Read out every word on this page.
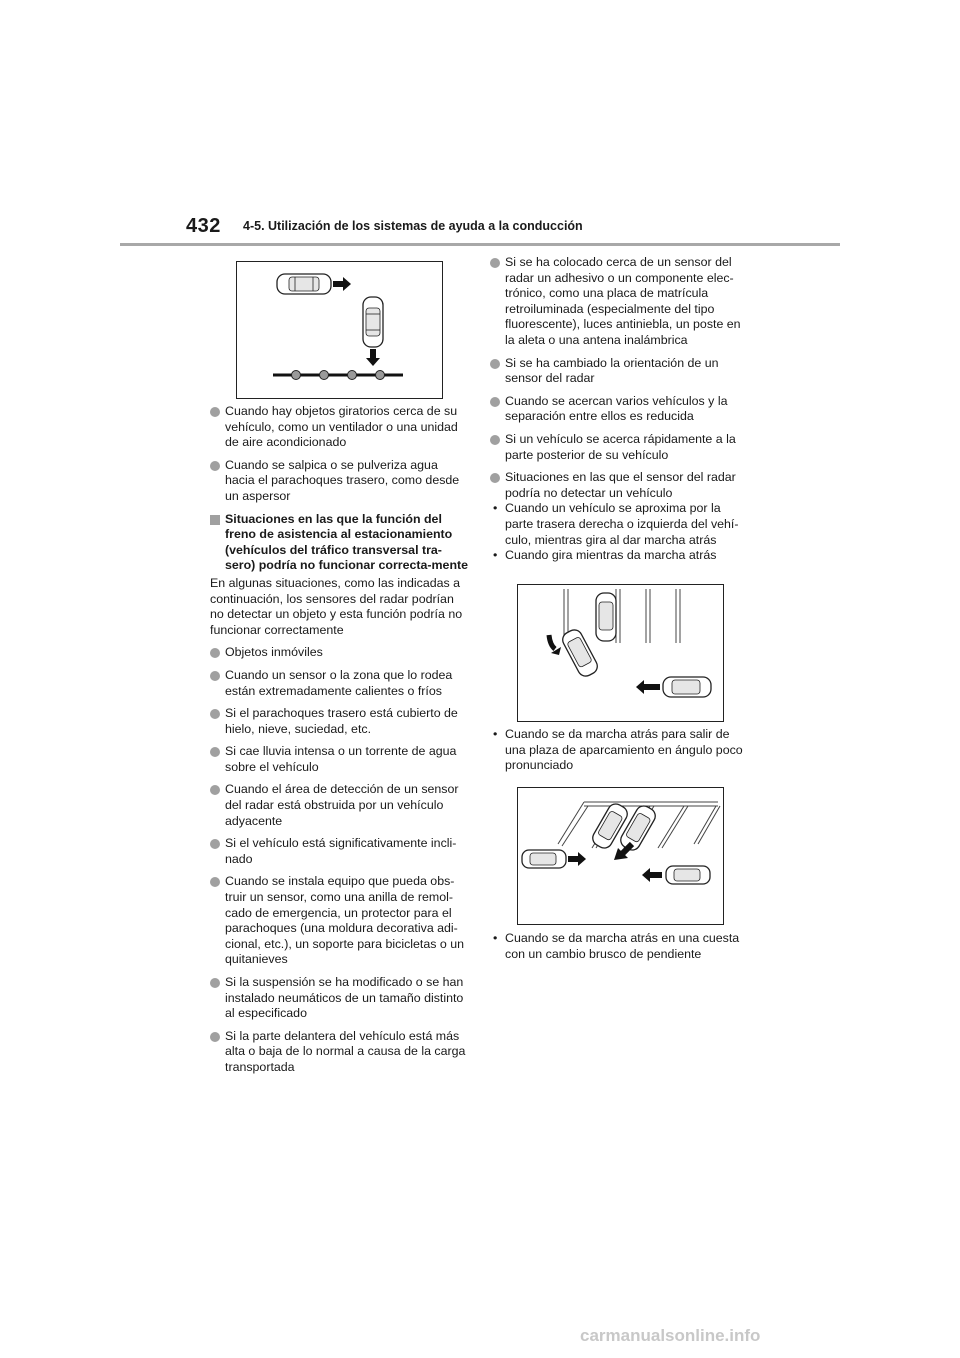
432 4-5. Utilización de los sistemas de ayuda a la conducción
Cuando hay objetos giratorios cerca de su vehículo, como un ventilador o una unidad de aire acondicionado
Cuando se salpica o se pulveriza agua hacia el parachoques trasero, como desde un aspersor
Situaciones en las que la función del freno de asistencia al estacionamiento (vehículos del tráfico transversal tra-sero) podría no funcionar correcta-mente
En algunas situaciones, como las indicadas a continuación, los sensores del radar podrían no detectar un objeto y esta función podría no funcionar correctamente
Objetos inmóviles
Cuando un sensor o la zona que lo rodea están extremadamente calientes o fríos
Si el parachoques trasero está cubierto de hielo, nieve, suciedad, etc.
Si cae lluvia intensa o un torrente de agua sobre el vehículo
Cuando el área de detección de un sensor del radar está obstruida por un vehículo adyacente
Si el vehículo está significativamente incli-nado
Cuando se instala equipo que pueda obs-truir un sensor, como una anilla de remol-cado de emergencia, un protector para el parachoques (una moldura decorativa adi-cional, etc.), un soporte para bicicletas o un quitanieves
Si la suspensión se ha modificado o se han instalado neumáticos de un tamaño distinto al especificado
Si la parte delantera del vehículo está más alta o baja de lo normal a causa de la carga transportada
Si se ha colocado cerca de un sensor del radar un adhesivo o un componente elec-trónico, como una placa de matrícula retroiluminada (especialmente del tipo fluorescente), luces antiniebla, un poste en la aleta o una antena inalámbrica
Si se ha cambiado la orientación de un sensor del radar
Cuando se acercan varios vehículos y la separación entre ellos es reducida
Si un vehículo se acerca rápidamente a la parte posterior de su vehículo
Situaciones en las que el sensor del radar podría no detectar un vehículo
• Cuando un vehículo se aproxima por la parte trasera derecha o izquierda del vehí-culo, mientras gira al dar marcha atrás
• Cuando gira mientras da marcha atrás
• Cuando se da marcha atrás para salir de una plaza de aparcamiento en ángulo poco pronunciado
• Cuando se da marcha atrás en una cuesta con un cambio brusco de pendiente
carmanualsonline.info
